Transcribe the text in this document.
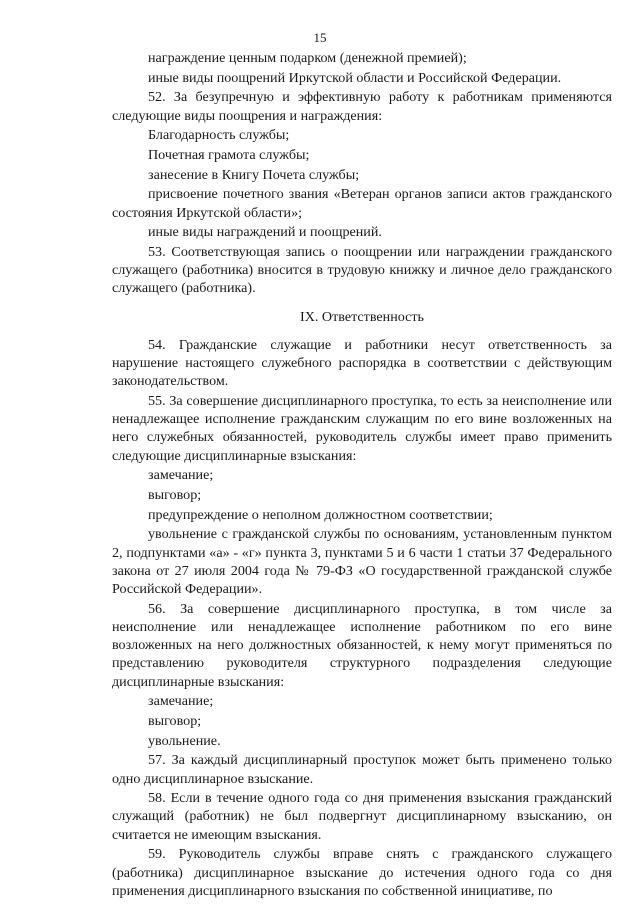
15

награждение ценным подарком (денежной премией);

иные виды поощрений Иркутской области и Российской Федерации.

52. За безупречную и эффективную работу к работникам применяются следующие виды поощрения и награждения:

Благодарность службы;

Почетная грамота службы;

занесение в Книгу Почета службы;

присвоение почетного звания «Ветеран органов записи актов гражданского состояния Иркутской области»;

иные виды награждений и поощрений.

53. Соответствующая запись о поощрении или награждении гражданского служащего (работника) вносится в трудовую книжку и личное дело гражданского служащего (работника).

IX. Ответственность

54. Гражданские служащие и работники несут ответственность за нарушение настоящего служебного распорядка в соответствии с действующим законодательством.

55. За совершение дисциплинарного проступка, то есть за неисполнение или ненадлежащее исполнение гражданским служащим по его вине возложенных на него служебных обязанностей, руководитель службы имеет право применить следующие дисциплинарные взыскания:

замечание;

выговор;

предупреждение о неполном должностном соответствии;

увольнение с гражданской службы по основаниям, установленным пунктом 2, подпунктами «а» - «г» пункта 3, пунктами 5 и 6 части 1 статьи 37 Федерального закона от 27 июля 2004 года № 79-ФЗ «О государственной гражданской службе Российской Федерации».

56. За совершение дисциплинарного проступка, в том числе за неисполнение или ненадлежащее исполнение работником по его вине возложенных на него должностных обязанностей, к нему могут применяться по представлению руководителя структурного подразделения следующие дисциплинарные взыскания:

замечание;

выговор;

увольнение.

57. За каждый дисциплинарный проступок может быть применено только одно дисциплинарное взыскание.

58. Если в течение одного года со дня применения взыскания гражданский служащий (работник) не был подвергнут дисциплинарному взысканию, он считается не имеющим взыскания.

59. Руководитель службы вправе снять с гражданского служащего (работника) дисциплинарное взыскание до истечения одного года со дня применения дисциплинарного взыскания по собственной инициативе, по
